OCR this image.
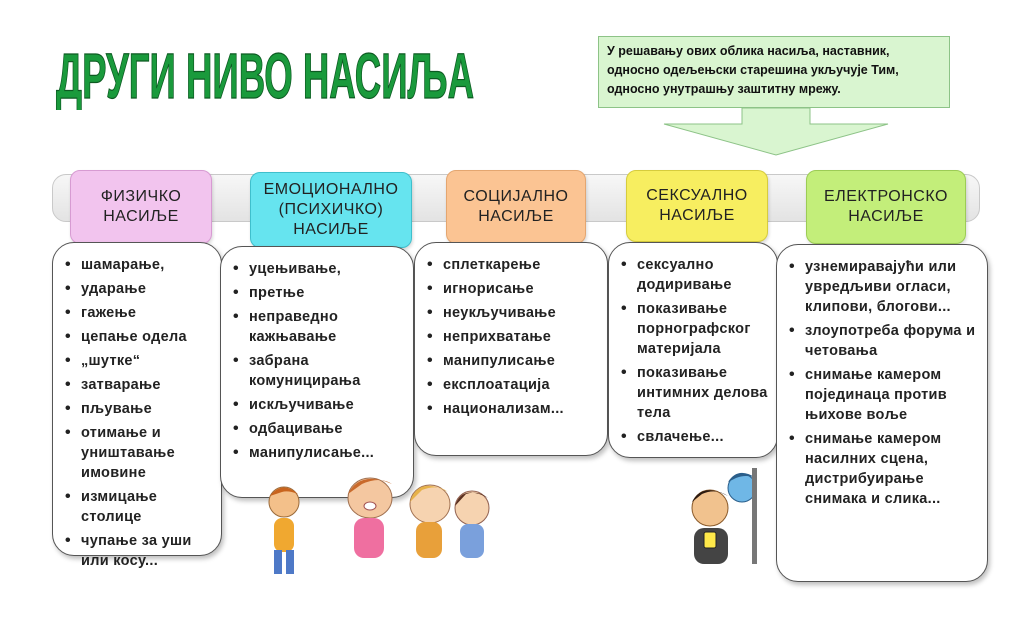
ДРУГИ НИВО НАСИЉА	У решавању ових облика насиља, наставник, односно одељењски старешина укључује Тим, односно унутрашњу заштитну мрежу.
ФИЗИЧКО
НАСИЉЕ
ЕМОЦИОНАЛНО
(ПСИХИЧКО)
НАСИЉЕ
СОЦИЈАЛНО
НАСИЉЕ
СЕКСУАЛНО
НАСИЉЕ
ЕЛЕКТРОНСКО
НАСИЉЕ
• шамарање,
• ударање
• гажење
• цепање одела
• „шутке“
• затварање
• пљување
• отимање и уништавање имовине
• измицање столице
• чупање за уши или косу...
• уцењивање,
• претње
• неправедно кажњавање
• забрана комуницирања
• искључивање
• одбацивање
• манипулисање...
• сплеткарење
• игнорисање
• неукључивање
• неприхватање
• манипулисање
• експлоатација
• национализам...
• сексуално додиривање
• показивање порнографског материјала
• показивање интимних делова тела
• свлачење...
• узнемиравајући или увредљиви огласи, клипови, блогови...
• злоупотреба форума и четовања
• снимање камером појединаца против њихове воље
• снимање камером насилних сцена, дистрибуирање снимака и слика...
